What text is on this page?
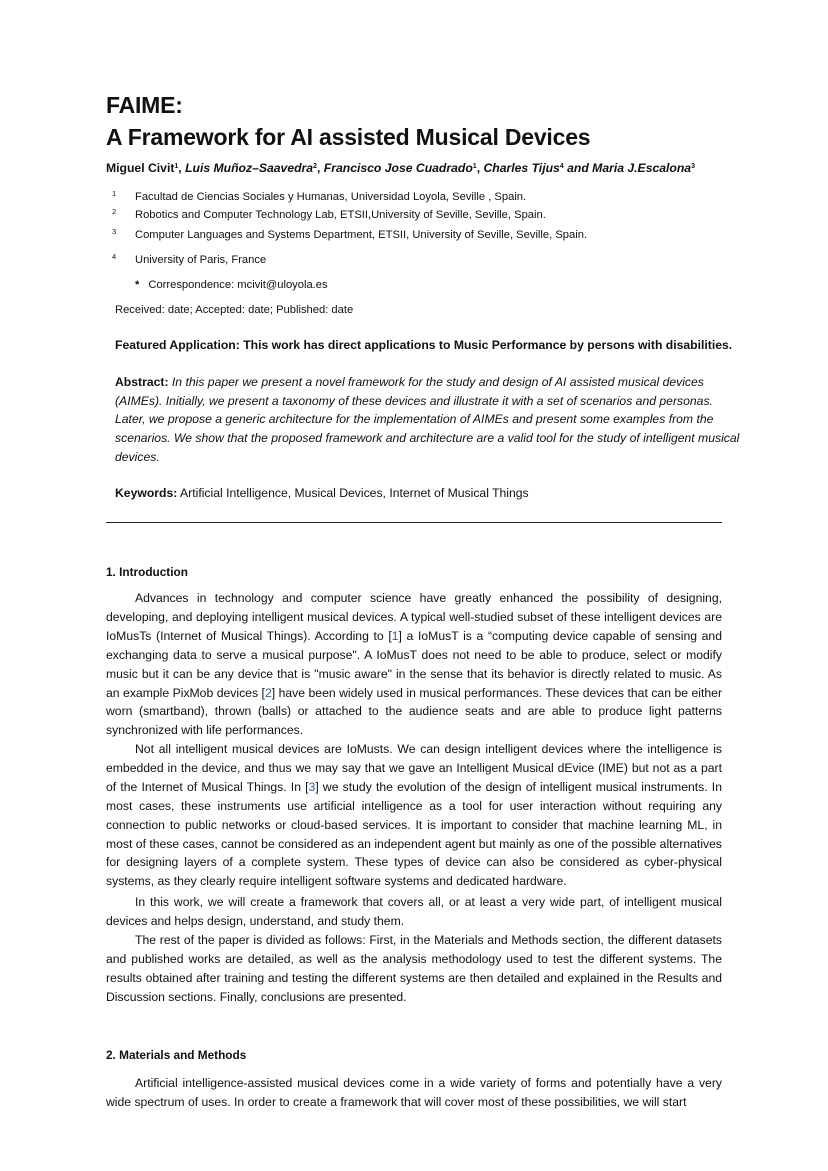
FAIME:
A Framework for AI assisted Musical Devices
Miguel Civit$^1$, Luis Muñoz–Saavedra$^2$, Francisco Jose Cuadrado$^1$, Charles Tijus$^4$ and Maria J.Escalona$^3$
1 Facultad de Ciencias Sociales y Humanas, Universidad Loyola, Seville , Spain.
2 Robotics and Computer Technology Lab, ETSII,University of Seville, Seville, Spain.
3 Computer Languages and Systems Department, ETSII, University of Seville, Seville, Spain.
4 University of Paris, France
* Correspondence: mcivit@uloyola.es
Received: date; Accepted: date; Published: date
Featured Application: This work has direct applications to Music Performance by persons with disabilities.
Abstract: In this paper we present a novel framework for the study and design of AI assisted musical devices (AIMEs). Initially, we present a taxonomy of these devices and illustrate it with a set of scenarios and personas. Later, we propose a generic architecture for the implementation of AIMEs and present some examples from the scenarios. We show that the proposed framework and architecture are a valid tool for the study of intelligent musical devices.
Keywords: Artificial Intelligence, Musical Devices, Internet of Musical Things
1. Introduction

Advances in technology and computer science have greatly enhanced the possibility of designing, developing, and deploying intelligent musical devices. A typical well-studied subset of these intelligent devices are IoMusTs (Internet of Musical Things). According to [1] a IoMusT is a “computing device capable of sensing and exchanging data to serve a musical purpose". A IoMusT does not need to be able to produce, select or modify music but it can be any device that is "music aware" in the sense that its behavior is directly related to music. As an example PixMob devices [2] have been widely used in musical performances. These devices that can be either worn (smartband), thrown (balls) or attached to the audience seats and are able to produce light patterns synchronized with life performances.

Not all intelligent musical devices are IoMusts. We can design intelligent devices where the intelligence is embedded in the device, and thus we may say that we gave an Intelligent Musical dEvice (IME) but not as a part of the Internet of Musical Things. In [3] we study the evolution of the design of intelligent musical instruments. In most cases, these instruments use artificial intelligence as a tool for user interaction without requiring any connection to public networks or cloud-based services. It is important to consider that machine learning ML, in most of these cases, cannot be considered as an independent agent but mainly as one of the possible alternatives for designing layers of a complete system. These types of device can also be considered as cyber-physical systems, as they clearly require intelligent software systems and dedicated hardware.

In this work, we will create a framework that covers all, or at least a very wide part, of intelligent musical devices and helps design, understand, and study them.

The rest of the paper is divided as follows: First, in the Materials and Methods section, the different datasets and published works are detailed, as well as the analysis methodology used to test the different systems. The results obtained after training and testing the different systems are then detailed and explained in the Results and Discussion sections. Finally, conclusions are presented.

2. Materials and Methods

Artificial intelligence-assisted musical devices come in a wide variety of forms and potentially have a very wide spectrum of uses. In order to create a framework that will cover most of these possibilities, we will start
